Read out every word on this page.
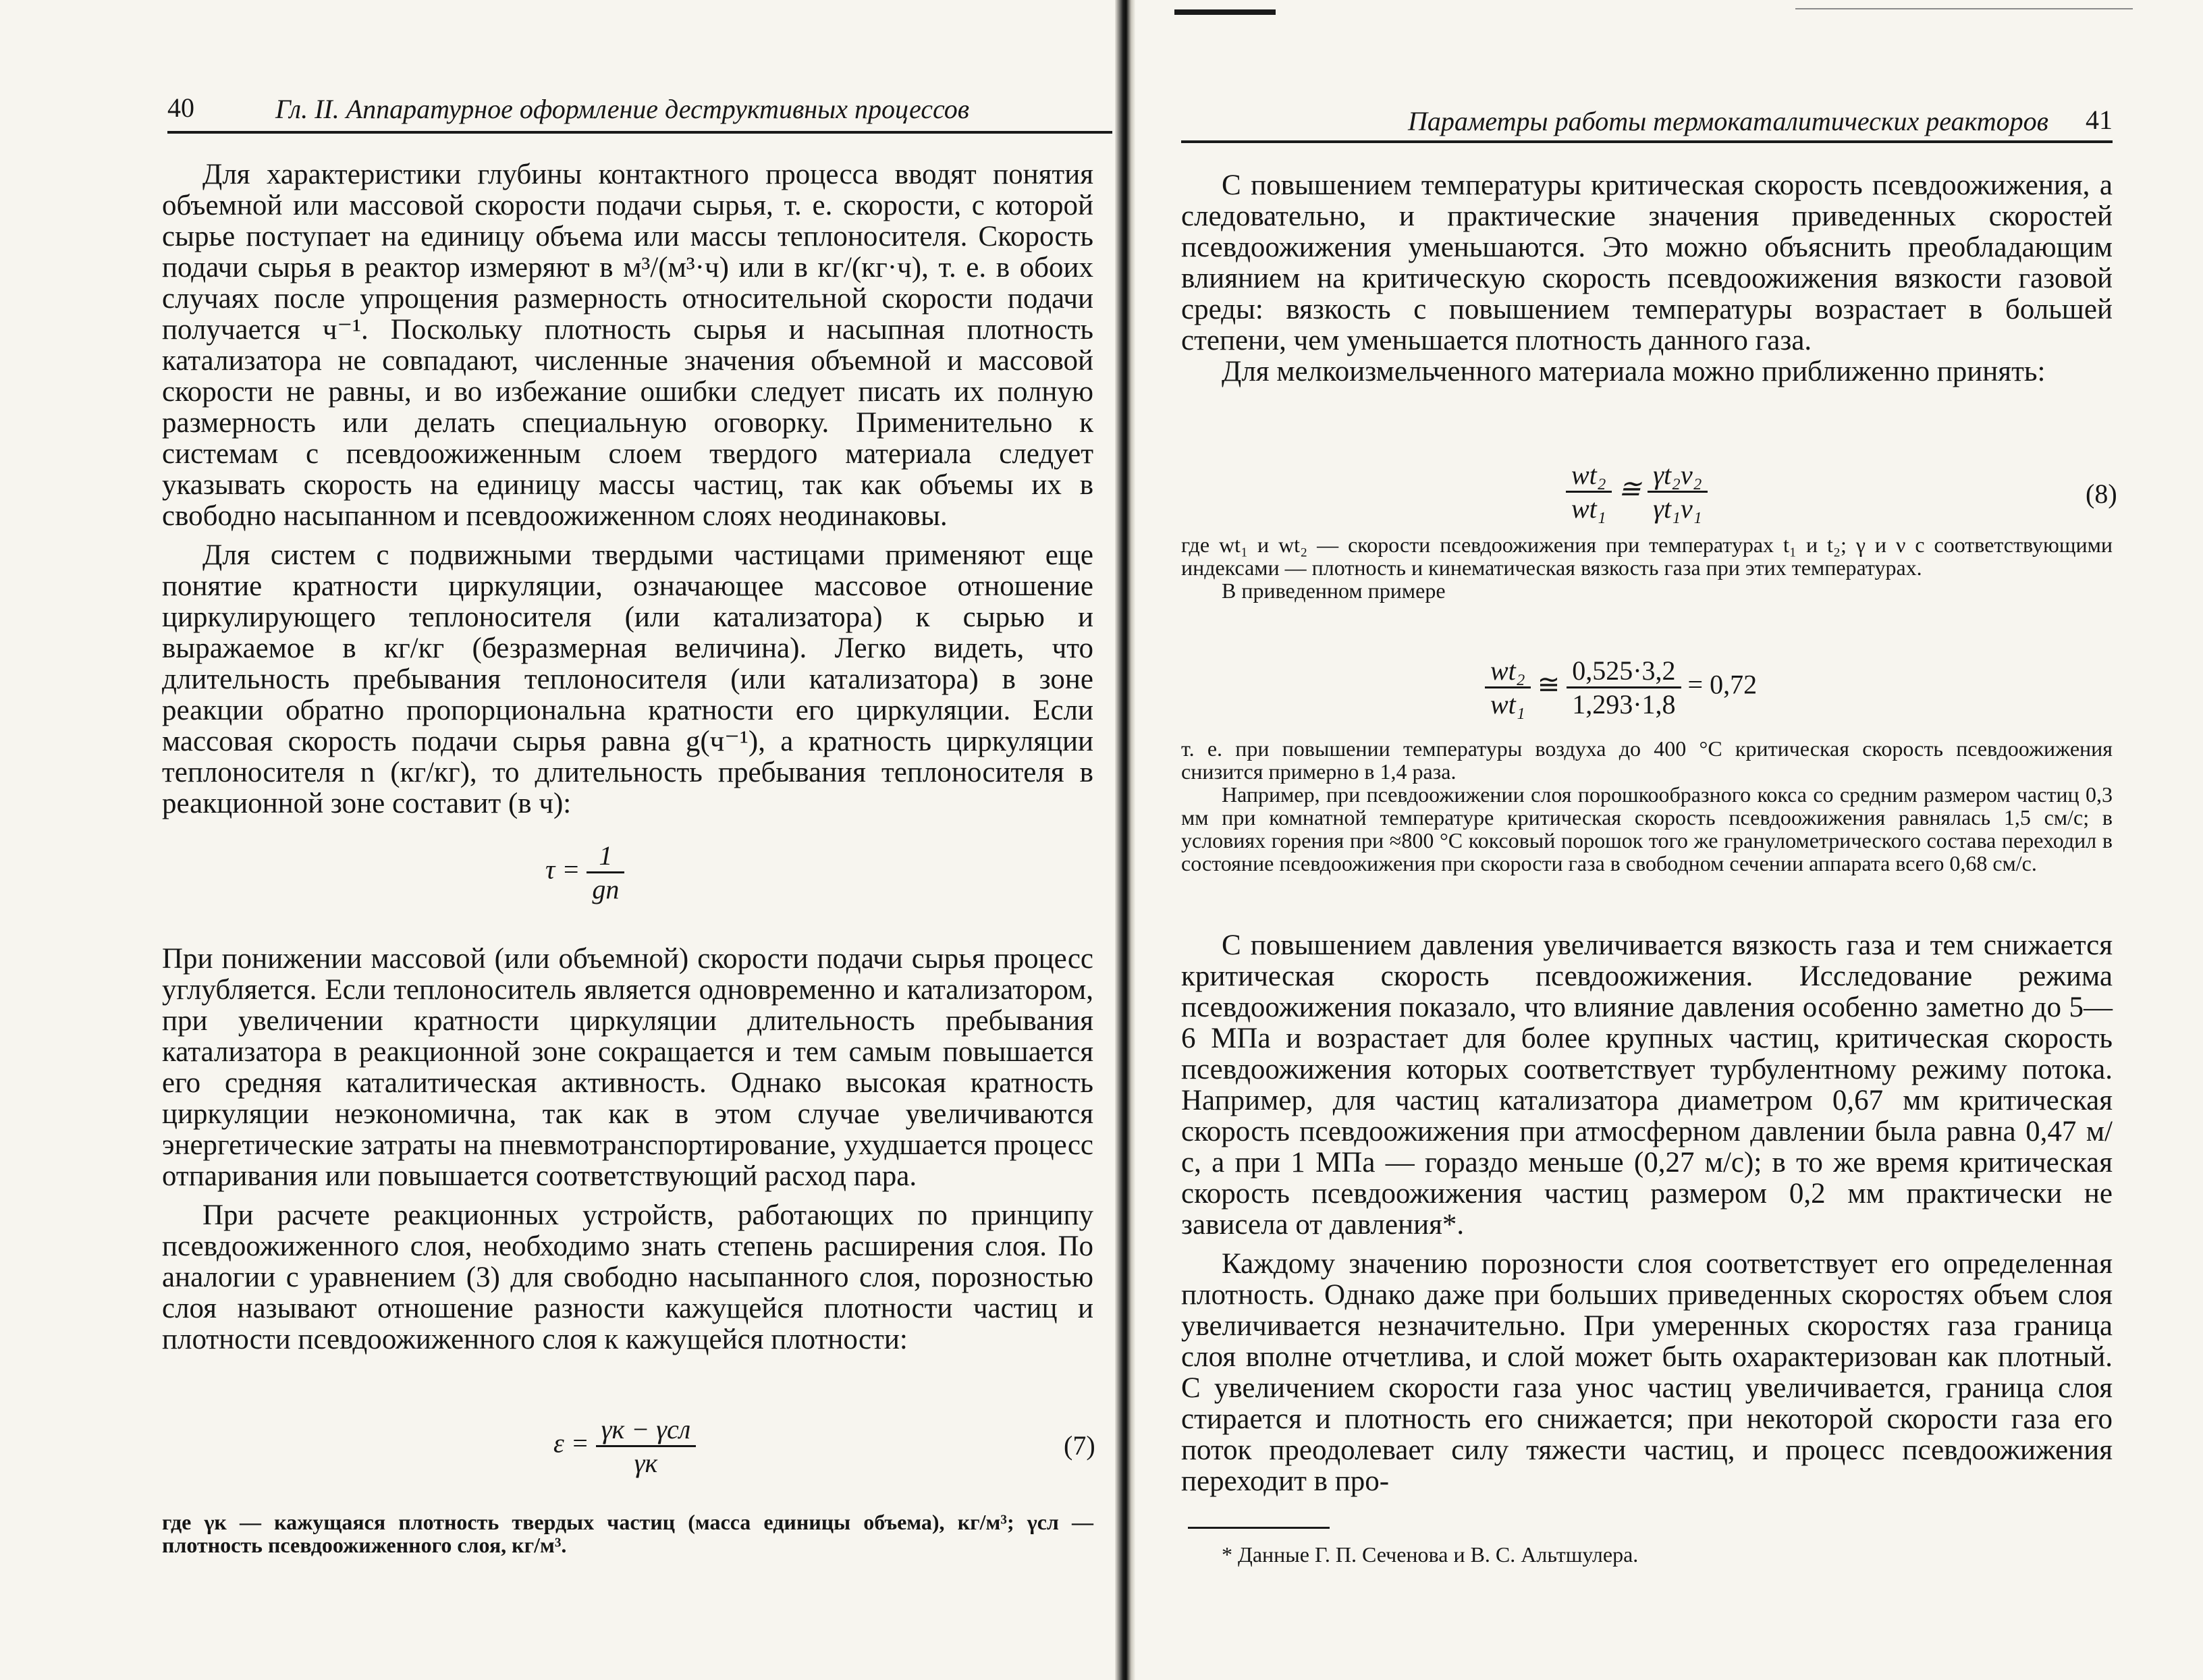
40	Гл. II. Аппаратурное оформление деструктивных процессов

Для характеристики глубины контактного процесса вводят понятия объемной или массовой скорости подачи сырья, т. е. скорости, с которой сырье поступает на единицу объема или массы теплоносителя. Скорость подачи сырья в реактор измеряют в м³/(м³·ч) или в кг/(кг·ч), т. е. в обоих случаях после упрощения размерность относительной скорости подачи получается ч⁻¹. Поскольку плотность сырья и насыпная плотность катализатора не совпадают, численные значения объемной и массовой скорости не равны, и во избежание ошибки следует писать их полную размерность или делать специальную оговорку. Применительно к системам с псевдоожиженным слоем твердого материала следует указывать скорость на единицу массы частиц, так как объемы их в свободно насыпанном и псевдоожиженном слоях неодинаковы.

Для систем с подвижными твердыми частицами применяют еще понятие кратности циркуляции, означающее массовое отношение циркулирующего теплоносителя (или катализатора) к сырью и выражаемое в кг/кг (безразмерная величина). Легко видеть, что длительность пребывания теплоносителя (или катализатора) в зоне реакции обратно пропорциональна кратности его циркуляции. Если массовая скорость подачи сырья равна g(ч⁻¹), а кратность циркуляции теплоносителя n (кг/кг), то длительность пребывания теплоносителя в реакционной зоне составит (в ч):

$\tau = \frac{1}{gn}$

При понижении массовой (или объемной) скорости подачи сырья процесс углубляется. Если теплоноситель является одновременно и катализатором, при увеличении кратности циркуляции длительность пребывания катализатора в реакционной зоне сокращается и тем самым повышается его средняя каталитическая активность. Однако высокая кратность циркуляции неэкономична, так как в этом случае увеличиваются энергетические затраты на пневмотранспортирование, ухудшается процесс отпаривания или повышается соответствующий расход пара.

При расчете реакционных устройств, работающих по принципу псевдоожиженного слоя, необходимо знать степень расширения слоя. По аналогии с уравнением (3) для свободно насыпанного слоя, порозностью слоя называют отношение разности кажущейся плотности частиц и плотности псевдоожиженного слоя к кажущейся плотности:

$\varepsilon = \frac{\text{γк − γсл}}{\gamma к}$	(7)

где γк — кажущаяся плотность твердых частиц (масса единицы объема), кг/м³; γсл — плотность псевдоожиженного слоя, кг/м³.

Параметры работы термокаталитических реакторов 41

С повышением температуры критическая скорость псевдоожижения, а следовательно, и практические значения приведенных скоростей псевдоожижения уменьшаются. Это можно объяснить преобладающим влиянием на критическую скорость псевдоожижения вязкости газовой среды: вязкость с повышением температуры возрастает в большей степени, чем уменьшается плотность данного газа.

Для мелкоизмельченного материала можно приближенно принять:

$\frac{\text{wt₂}}{\text{wt₁}}$ ≅ $\frac{\text{γt₂ν₂}}{\text{γt₁ν₁}}$	(8)

где wt₁ и wt₂ — скорости псевдоожижения при температурах t₁ и t₂; γ и ν с соответствующими индексами — плотность и кинематическая вязкость газа при этих температурах.

В приведенном примере

$\frac{\text{wt₂}}{\text{wt₁}}$ ≅ $\frac{0,525\cdot 3,2}{1,293\cdot 1,8} = 0,72$

т. е. при повышении температуры воздуха до 400 °С критическая скорость псевдоожижения снизится примерно в 1,4 раза.

Например, при псевдоожижении слоя порошкообразного кокса со средним размером частиц 0,3 мм при комнатной температуре критическая скорость псевдоожижения равнялась 1,5 см/с; в условиях горения при ≈800 °С коксовый порошок того же гранулометрического состава переходил в состояние псевдоожижения при скорости газа в свободном сечении аппарата всего 0,68 см/с.

С повышением давления увеличивается вязкость газа и тем снижается критическая скорость псевдоожижения. Исследование режима псевдоожижения показало, что влияние давления особенно заметно до 5—6 МПа и возрастает для более крупных частиц, критическая скорость псевдоожижения которых соответствует турбулентному режиму потока. Например, для частиц катализатора диаметром 0,67 мм критическая скорость псевдоожижения при атмосферном давлении была равна 0,47 м/с, а при 1 МПа — гораздо меньше (0,27 м/с); в то же время критическая скорость псевдоожижения частиц размером 0,2 мм практически не зависела от давления*.

Каждому значению порозности слоя соответствует его определенная плотность. Однако даже при больших приведенных скоростях объем слоя увеличивается незначительно. При умеренных скоростях газа граница слоя вполне отчетлива, и слой может быть охарактеризован как плотный. С увеличением скорости газа унос частиц увеличивается, граница слоя стирается и плотность его снижается; при некоторой скорости газа его поток преодолевает силу тяжести частиц, и процесс псевдоожижения переходит в про-

* Данные Г. П. Сеченова и В. С. Альтшулера.
